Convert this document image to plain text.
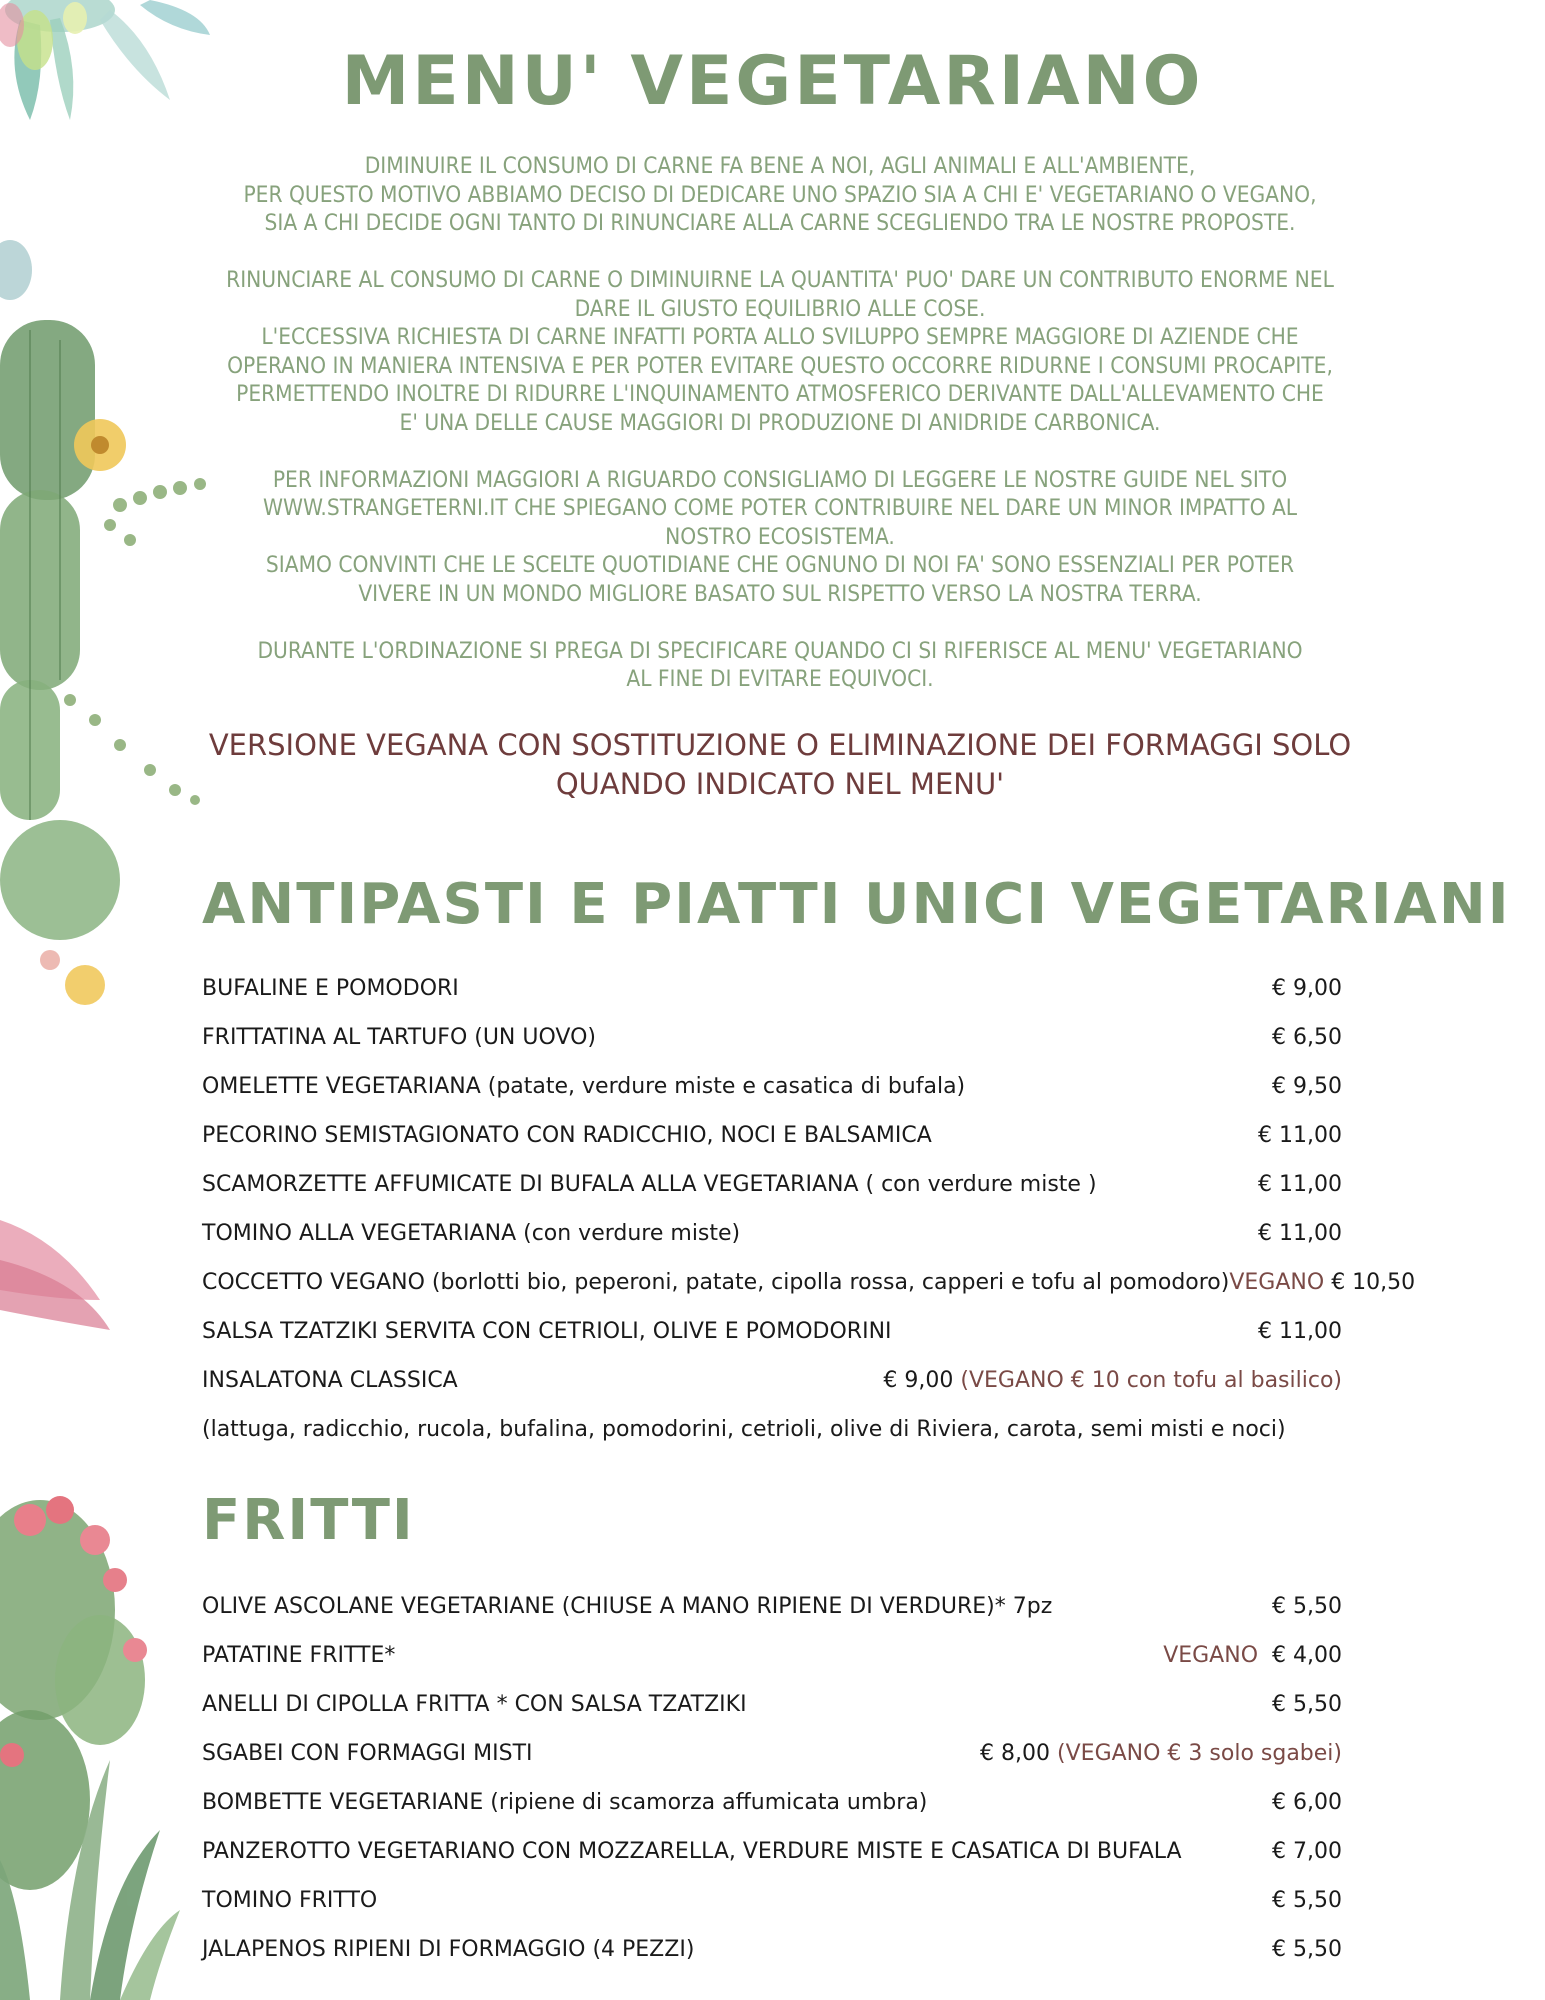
MENU' VEGETARIANO

DIMINUIRE IL CONSUMO DI CARNE FA BENE A NOI, AGLI ANIMALI E ALL'AMBIENTE,
PER QUESTO MOTIVO ABBIAMO DECISO DI DEDICARE UNO SPAZIO SIA A CHI E' VEGETARIANO O VEGANO,
SIA A CHI DECIDE OGNI TANTO DI RINUNCIARE ALLA CARNE SCEGLIENDO TRA LE NOSTRE PROPOSTE.

RINUNCIARE AL CONSUMO DI CARNE O DIMINUIRNE LA QUANTITA' PUO' DARE UN CONTRIBUTO ENORME NEL
DARE IL GIUSTO EQUILIBRIO ALLE COSE.
L'ECCESSIVA RICHIESTA DI CARNE INFATTI PORTA ALLO SVILUPPO SEMPRE MAGGIORE DI AZIENDE CHE
OPERANO IN MANIERA INTENSIVA E PER POTER EVITARE QUESTO OCCORRE RIDURNE I CONSUMI PROCAPITE,
PERMETTENDO INOLTRE DI RIDURRE L'INQUINAMENTO ATMOSFERICO DERIVANTE DALL'ALLEVAMENTO CHE
E' UNA DELLE CAUSE MAGGIORI DI PRODUZIONE DI ANIDRIDE CARBONICA.

PER INFORMAZIONI MAGGIORI A RIGUARDO CONSIGLIAMO DI LEGGERE LE NOSTRE GUIDE NEL SITO
WWW.STRANGETERNI.IT CHE SPIEGANO COME POTER CONTRIBUIRE NEL DARE UN MINOR IMPATTO AL
NOSTRO ECOSISTEMA.
SIAMO CONVINTI CHE LE SCELTE QUOTIDIANE CHE OGNUNO DI NOI FA' SONO ESSENZIALI PER POTER
VIVERE IN UN MONDO MIGLIORE BASATO SUL RISPETTO VERSO LA NOSTRA TERRA.

DURANTE L'ORDINAZIONE SI PREGA DI SPECIFICARE QUANDO CI SI RIFERISCE AL MENU' VEGETARIANO
AL FINE DI EVITARE EQUIVOCI.

VERSIONE VEGANA CON SOSTITUZIONE O ELIMINAZIONE DEI FORMAGGI SOLO
QUANDO INDICATO NEL MENU'
ANTIPASTI E PIATTI UNICI VEGETARIANI
BUFALINE E POMODORI	€ 9,00
FRITTATINA AL TARTUFO (UN UOVO)	€ 6,50
OMELETTE VEGETARIANA (patate, verdure miste e casatica di bufala)	€ 9,50
PECORINO SEMISTAGIONATO CON RADICCHIO, NOCI E BALSAMICA	€ 11,00
SCAMORZETTE AFFUMICATE DI BUFALA ALLA VEGETARIANA ( con verdure miste )	€ 11,00
TOMINO ALLA VEGETARIANA (con verdure miste)	€ 11,00
COCCETTO VEGANO (borlotti bio, peperoni, patate, cipolla rossa, capperi e tofu al pomodoro) VEGANO € 10,50
SALSA TZATZIKI SERVITA CON CETRIOLI, OLIVE E POMODORINI	€ 11,00
INSALATONA CLASSICA	€ 9,00 (VEGANO € 10 con tofu al basilico)
(lattuga, radicchio, rucola, bufalina, pomodorini, cetrioli, olive di Riviera, carota, semi misti e noci)
FRITTI
OLIVE ASCOLANE VEGETARIANE (CHIUSE A MANO RIPIENE DI VERDURE)* 7pz	€ 5,50
PATATINE FRITTE*	VEGANO € 4,00
ANELLI DI CIPOLLA FRITTA * CON SALSA TZATZIKI	€ 5,50
SGABEI CON FORMAGGI MISTI	€ 8,00 (VEGANO € 3 solo sgabei)
BOMBETTE VEGETARIANE (ripiene di scamorza affumicata umbra)	€ 6,00
PANZEROTTO VEGETARIANO CON MOZZARELLA, VERDURE MISTE E CASATICA DI BUFALA	€ 7,00
TOMINO FRITTO	€ 5,50
JALAPENOS RIPIENI DI FORMAGGIO (4 PEZZI)	€ 5,50
